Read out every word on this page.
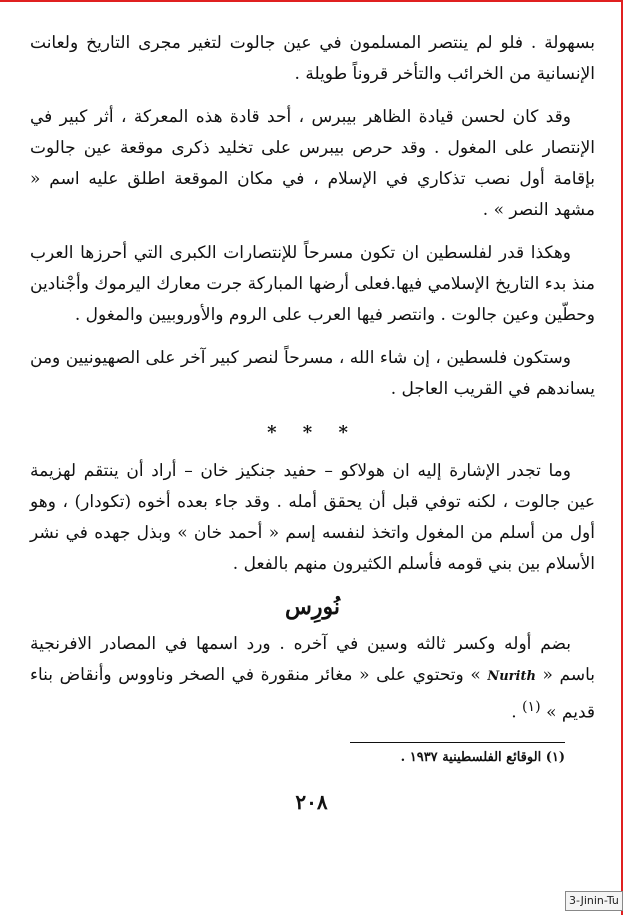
بسهولة . فلو لم ينتصر المسلمون في عين جالوت لتغير مجرى التاريخ ولعانت الإنسانية من الخرائب والتأخر قروناً طويلة .

وقد كان لحسن قيادة الظاهر بيبرس ، أحد قادة هذه المعركة ، أثر كبير في الإنتصار على المغول . وقد حرص بيبرس على تخليد ذكرى موقعة عين جالوت بإقامة أول نصب تذكاري في الإسلام ، في مكان الموقعة اطلق عليه اسم « مشهد النصر » .

وهكذا قدر لفلسطين ان تكون مسرحاً للإنتصارات الكبرى التي أحرزها العرب منذ بدء التاريخ الإسلامي فيها.فعلى أرضها المباركة جرت معارك اليرموك وأجْنادين وحطّين وعين جالوت . وانتصر فيها العرب على الروم والأوروبيين والمغول .

وستكون فلسطين ، إن شاء الله ، مسرحاً لنصر كبير آخر على الصهيونيين ومن يساندهم في القريب العاجل .

* * *

وما تجدر الإشارة إليه ان هولاكو – حفيد جنكيز خان – أراد أن ينتقم لهزيمة عين جالوت ، لكنه توفي قبل أن يحقق أمله . وقد جاء بعده أخوه (تكودار) ، وهو أول من أسلم من المغول واتخذ لنفسه إسم « أحمد خان » وبذل جهده في نشر الأسلام بين بني قومه فأسلم الكثيرون منهم بالفعل .

نُورِس

بضم أوله وكسر ثالثه وسين في آخره . ورد اسمها في المصادر الافرنجية باسم « Nurith » وتحتوي على « مغائر منقورة في الصخر وناووس وأنقاض بناء قديم » $^{(١)}$ .

(١) الوقائع الفلسطينية ١٩٣٧ .
٢٠٨
3-Jinin-Tu
